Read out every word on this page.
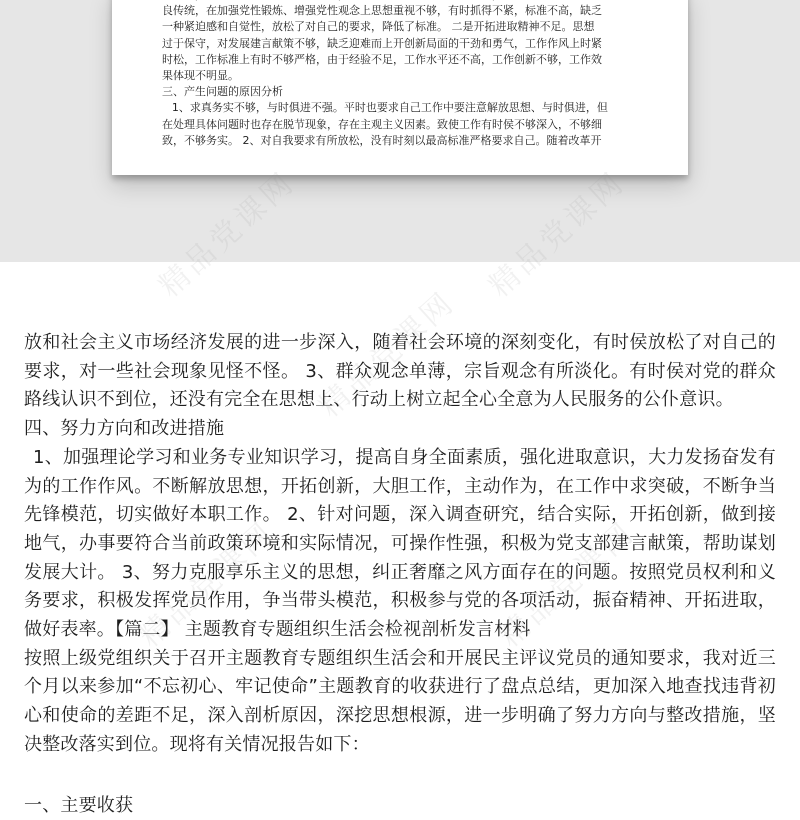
良传统，在加强党性锻炼、增强党性观念上思想重视不够，有时抓得不紧，标准不高，缺乏

一种紧迫感和自觉性，放松了对自己的要求，降低了标准。 二是开拓进取精神不足。思想

过于保守，对发展建言献策不够，缺乏迎难而上开创新局面的干劲和勇气，工作作风上时紧

时松，工作标准上有时不够严格，由于经验不足，工作水平还不高，工作创新不够，工作效

果体现不明显。

三、产生问题的原因分析

1、求真务实不够，与时俱进不强。平时也要求自己工作中要注意解放思想、与时俱进，但

在处理具体问题时也存在脱节现象，存在主观主义因素。致使工作有时侯不够深入，不够细

致，不够务实。 2、对自我要求有所放松，没有时刻以最高标准严格要求自己。随着改革开

精品党课网
精品党课网	精品党课网

放和社会主义市场经济发展的进一步深入，随着社会环境的深刻变化，有时侯放松了对自己的要求，对一些社会现象见怪不怪。 3、群众观念单薄，宗旨观念有所淡化。有时侯对党的群众路线认识不到位，还没有完全在思想上、行动上树立起全心全意为人民服务的公仆意识。

四、努力方向和改进措施

1、加强理论学习和业务专业知识学习，提高自身全面素质，强化进取意识，大力发扬奋发有为的工作作风。不断解放思想，开拓创新，大胆工作，主动作为，在工作中求突破，不断争当先锋模范，切实做好本职工作。 2、针对问题，深入调查研究，结合实际，开拓创新，做到接地气，办事要符合当前政策环境和实际情况，可操作性强，积极为党支部建言献策，帮助谋划发展大计。 3、努力克服享乐主义的思想，纠正奢靡之风方面存在的问题。按照党员权利和义务要求，积极发挥党员作用，争当带头模范，积极参与党的各项活动，振奋精神、开拓进取，做好表率。【篇二】 主题教育专题组织生活会检视剖析发言材料

按照上级党组织关于召开主题教育专题组织生活会和开展民主评议党员的通知要求，我对近三个月以来参加“不忘初心、牢记使命”主题教育的收获进行了盘点总结，更加深入地查找违背初心和使命的差距不足，深入剖析原因，深挖思想根源，进一步明确了努力方向与整改措施，坚决整改落实到位。现将有关情况报告如下：

一、主要收获
